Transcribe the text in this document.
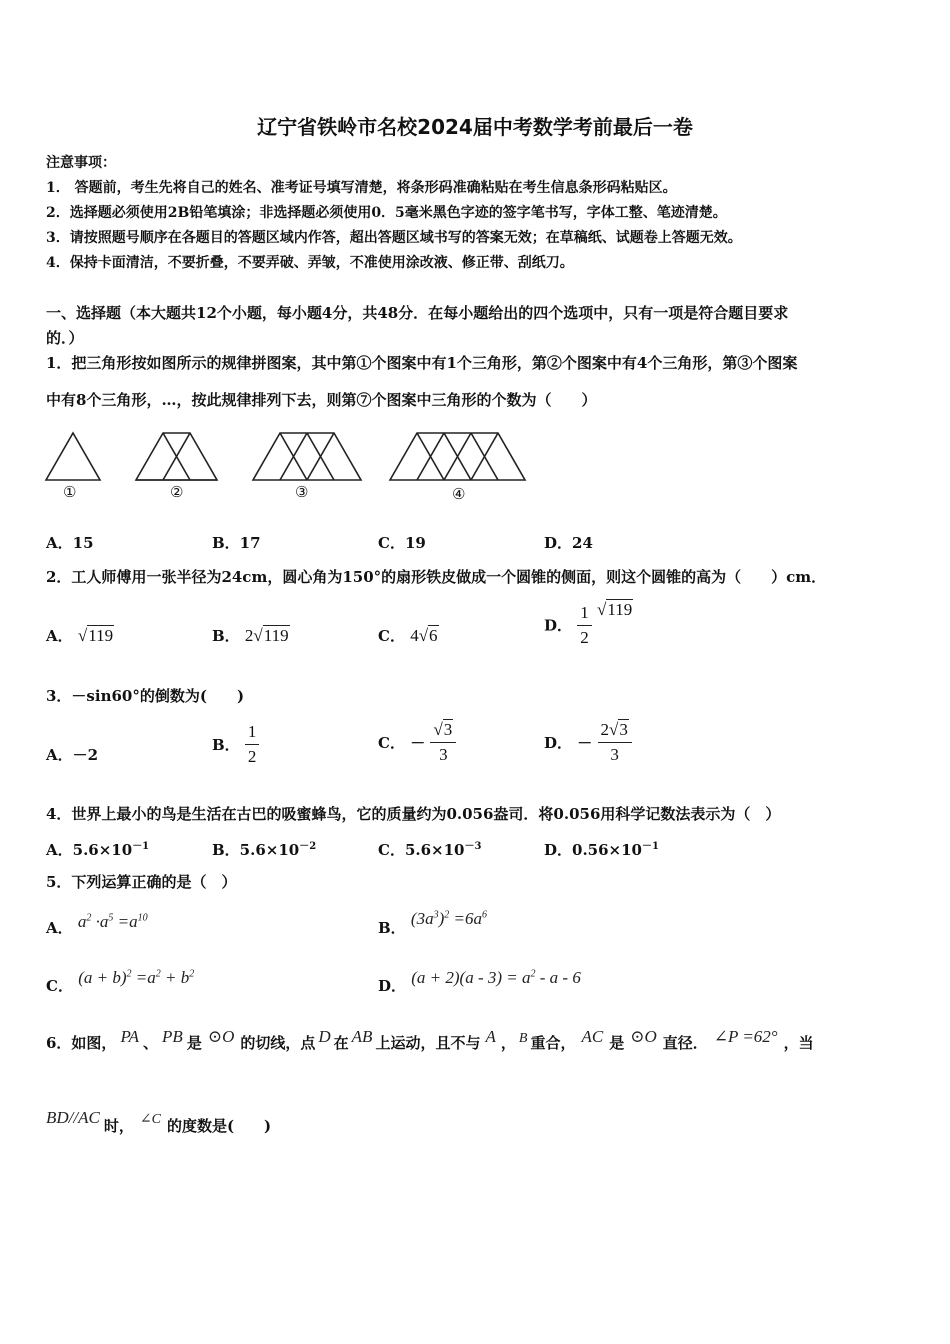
辽宁省铁岭市名校2024届中考数学考前最后一卷
注意事项：
1． 答题前，考生先将自己的姓名、准考证号填写清楚，将条形码准确粘贴在考生信息条形码粘贴区。
2．选择题必须使用2B铅笔填涂；非选择题必须使用0．5毫米黑色字迹的签字笔书写，字体工整、笔迹清楚。
3．请按照题号顺序在各题目的答题区域内作答，超出答题区域书写的答案无效；在草稿纸、试题卷上答题无效。
4．保持卡面清洁，不要折叠，不要弄破、弄皱，不准使用涂改液、修正带、刮纸刀。
一、选择题（本大题共12个小题，每小题4分，共48分．在每小题给出的四个选项中，只有一项是符合题目要求
的．）
1．把三角形按如图所示的规律拼图案，其中第①个图案中有1个三角形，第②个图案中有4个三角形，第③个图案
中有8个三角形，…，按此规律排列下去，则第⑦个图案中三角形的个数为（　　）
①	②	③	④
A．15	B．17	C．19	D．24
2．工人师傅用一张半径为24cm，圆心角为150°的扇形铁皮做成一个圆锥的侧面，则这个圆锥的高为（　　）cm．
A． √119	B． 2√119	C． 4√6
D． $\frac{1}{2} √119$
3．－sin60°的倒数为(　　)
A．－2
B． $\frac{1}{2}$	C． － $\frac{√3}{3}$	D． － $\frac{2√3}{3}$
4．世界上最小的鸟是生活在古巴的吸蜜蜂鸟，它的质量约为0.056盎司．将0.056用科学记数法表示为（　）
A．$5.6\times 10^{-1}$	B．$5.6\times 10^{-2}$	C．$5.6\times 10^{-3}$	D．$0.56\times 10^{-1}$
5．下列运算正确的是（　）
A． $a^2 \cdot a^5 =a^{10}$
B． $(3a^3)^2 =6a^6$
C． $(a + b)^2 =a^2 + b^2$
D． $(a + 2)(a - 3) = a^2 - a - 6$
6．如图， PA 、 PB 是 ⊙O 的切线，点 D 在 AB 上运动，且不与 A ， B 重合， AC 是 ⊙O 直径． ∠P =62° ，当
BD//AC 时， ∠C 的度数是(　　)
